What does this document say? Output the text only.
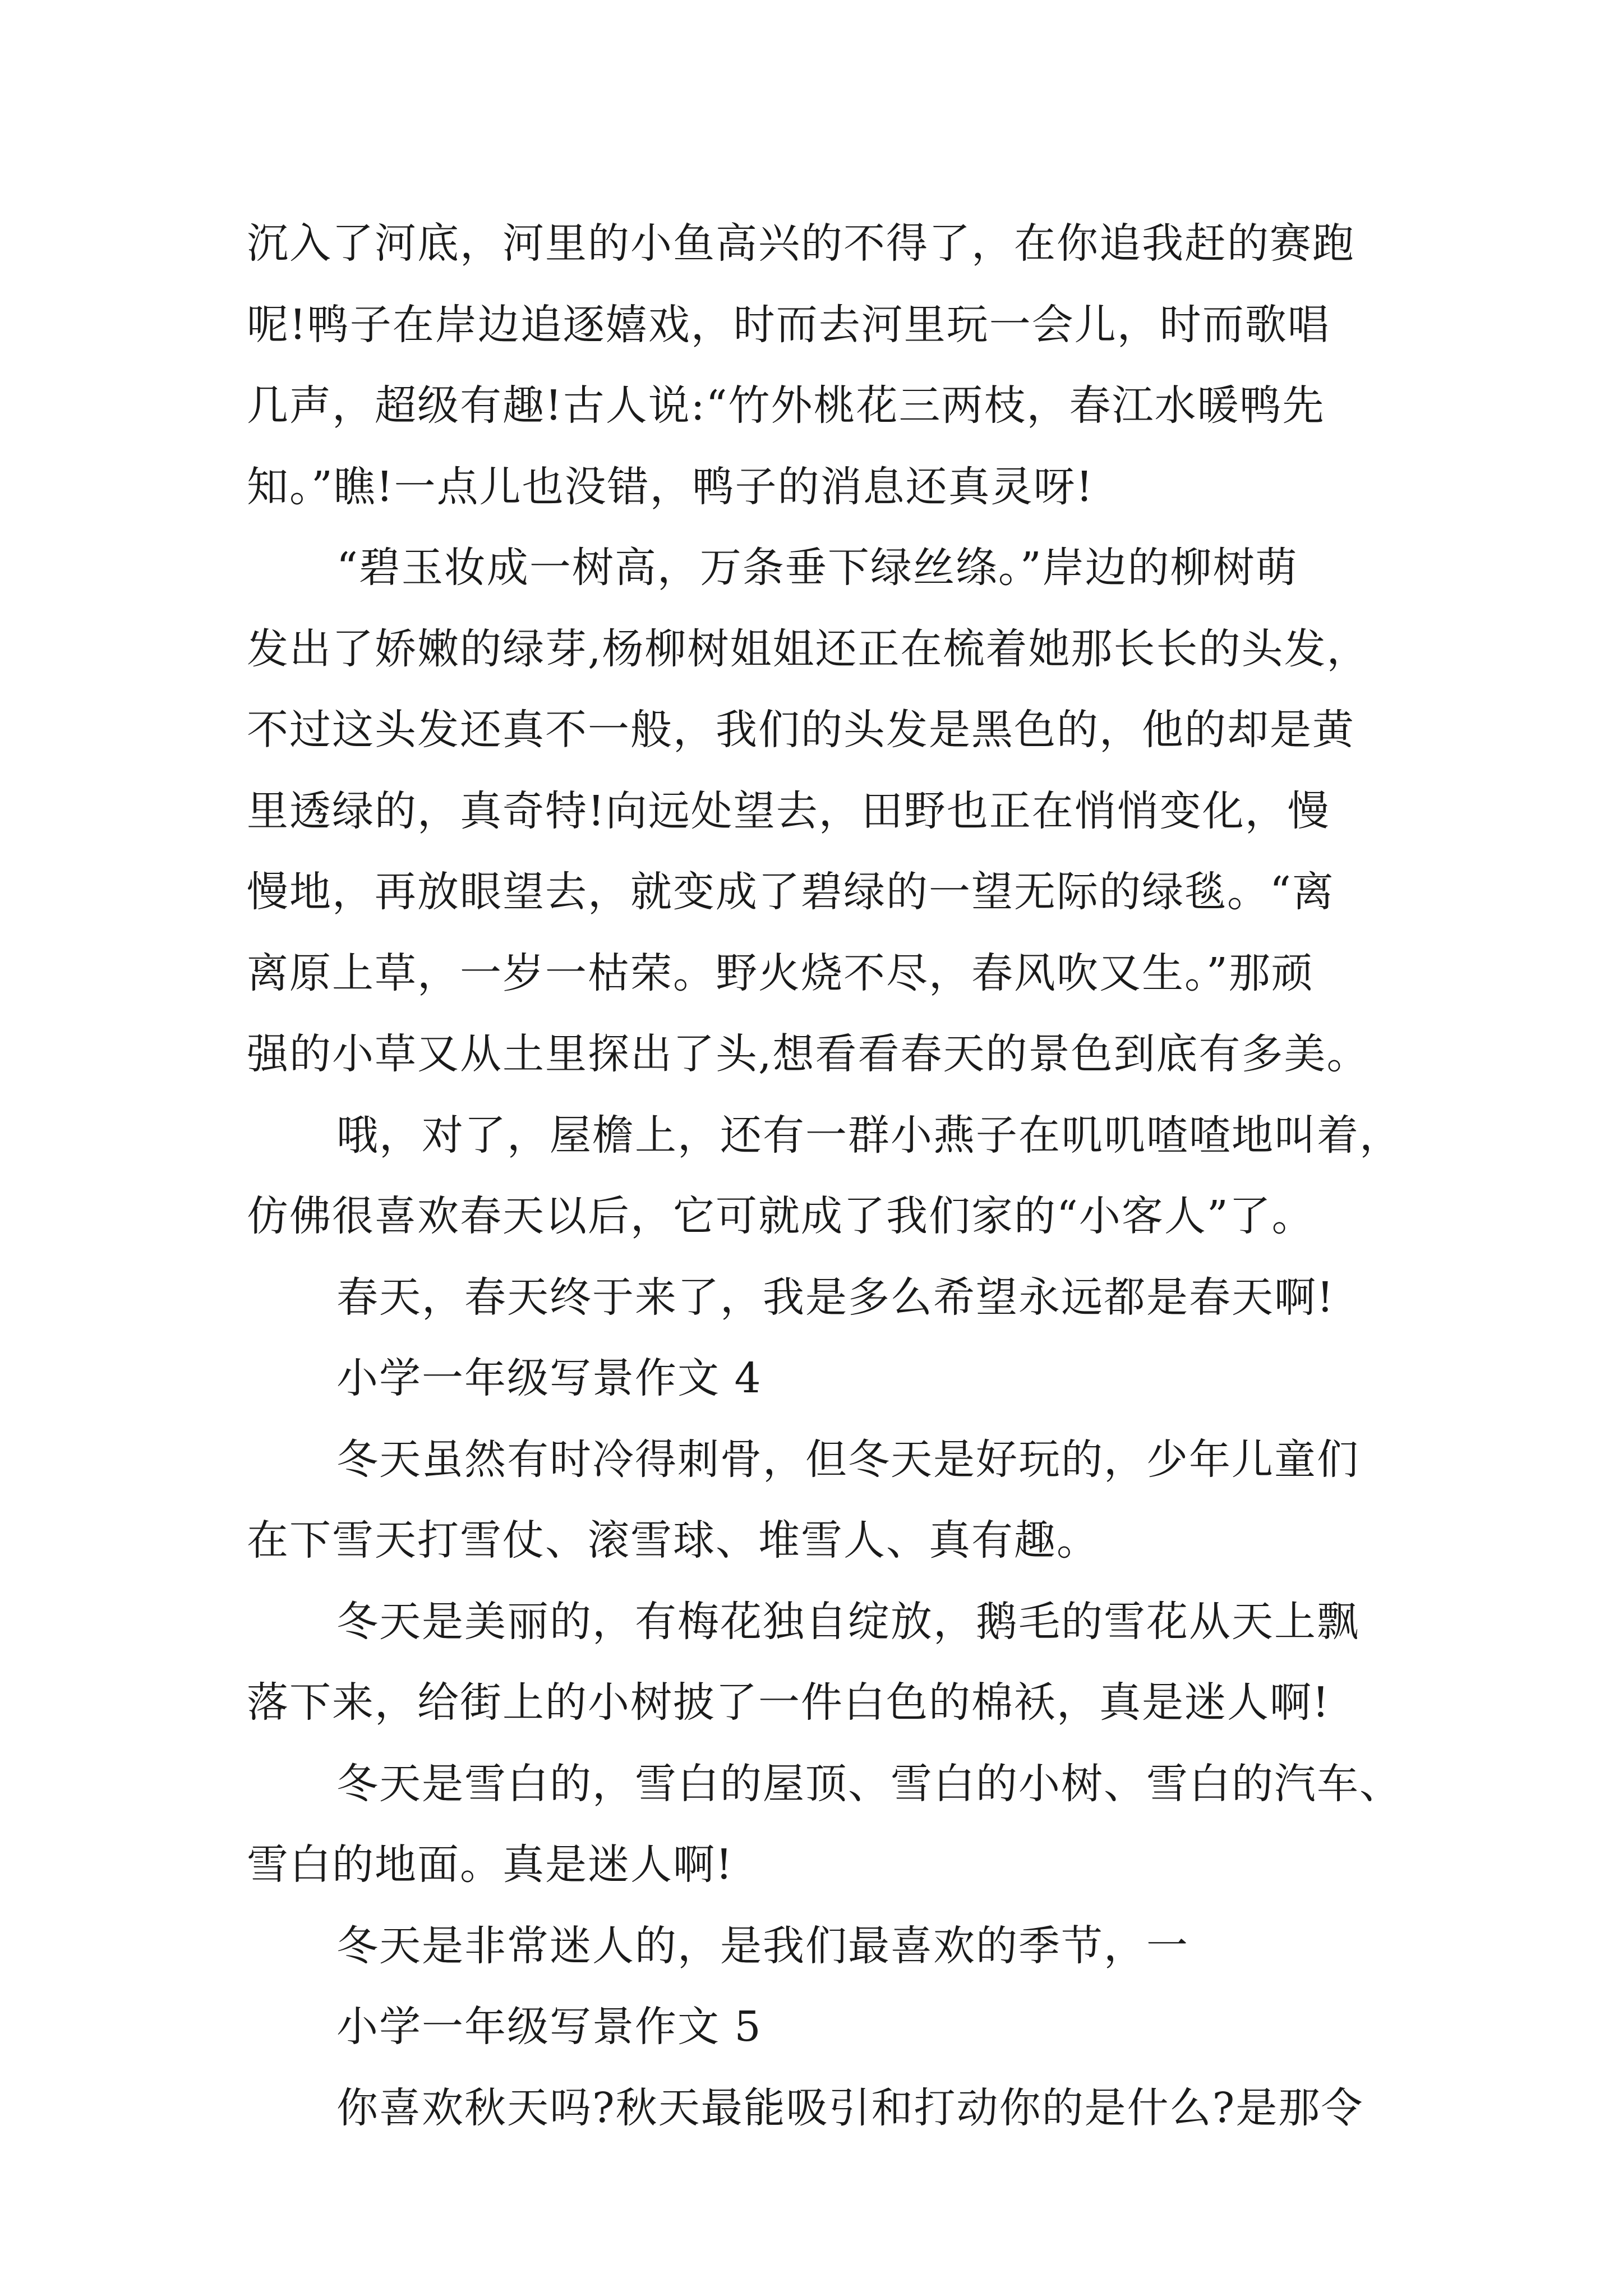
沉入了河底，河里的小鱼高兴的不得了，在你追我赶的赛跑
呢!鸭子在岸边追逐嬉戏，时而去河里玩一会儿，时而歌唱
几声，超级有趣!古人说:“竹外桃花三两枝，春江水暖鸭先
知。”瞧!一点儿也没错，鸭子的消息还真灵呀!
“碧玉妆成一树高，万条垂下绿丝绦。”岸边的柳树萌
发出了娇嫩的绿芽,杨柳树姐姐还正在梳着她那长长的头发，
不过这头发还真不一般，我们的头发是黑色的，他的却是黄
里透绿的，真奇特!向远处望去，田野也正在悄悄变化，慢
慢地，再放眼望去，就变成了碧绿的一望无际的绿毯。“离
离原上草，一岁一枯荣。野火烧不尽，春风吹又生。”那顽
强的小草又从土里探出了头,想看看春天的景色到底有多美。
哦，对了，屋檐上，还有一群小燕子在叽叽喳喳地叫着，
仿佛很喜欢春天以后，它可就成了我们家的“小客人”了。
春天，春天终于来了，我是多么希望永远都是春天啊!
小学一年级写景作文 4
冬天虽然有时冷得刺骨，但冬天是好玩的，少年儿童们
在下雪天打雪仗、滚雪球、堆雪人、真有趣。
冬天是美丽的，有梅花独自绽放，鹅毛的雪花从天上飘
落下来，给街上的小树披了一件白色的棉袄，真是迷人啊!
冬天是雪白的，雪白的屋顶、雪白的小树、雪白的汽车、
雪白的地面。真是迷人啊!
冬天是非常迷人的，是我们最喜欢的季节，一
小学一年级写景作文 5
你喜欢秋天吗?秋天最能吸引和打动你的是什么?是那令
